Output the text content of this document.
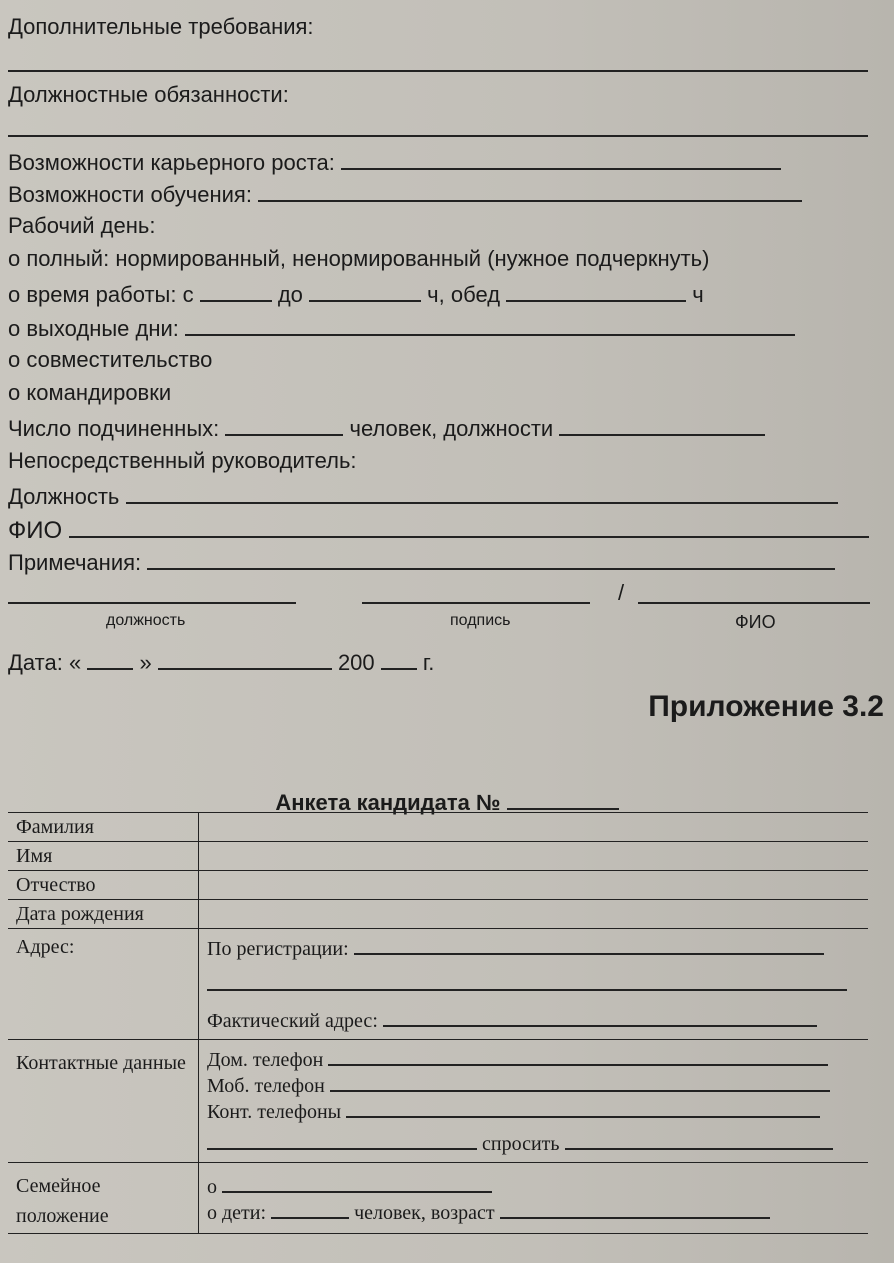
Дополнительные требования:
Должностные обязанности:
Возможности карьерного роста:
Возможности обучения:
Рабочий день:
о полный: нормированный, ненормированный (нужное подчеркнуть)
о время работы: с	до	ч, обед	ч
о выходные дни:
о совместительство
о командировки
Число подчиненных:	человек, должности
Непосредственный руководитель:
Должность
ФИО
Примечания:
/
должность	подпись	ФИО
Дата: «	»	200 г.
Приложение 3.2
Анкета кандидата №
Фамилия	
Имя	
Отчество	
Дата рождения	
Адрес:	По регистрации:
Фактический адрес:

Контактные данные	Дом. телефон
Моб. телефон
Конт. телефоны
спросить

Семейное положение	о
о дети: человек, возраст
